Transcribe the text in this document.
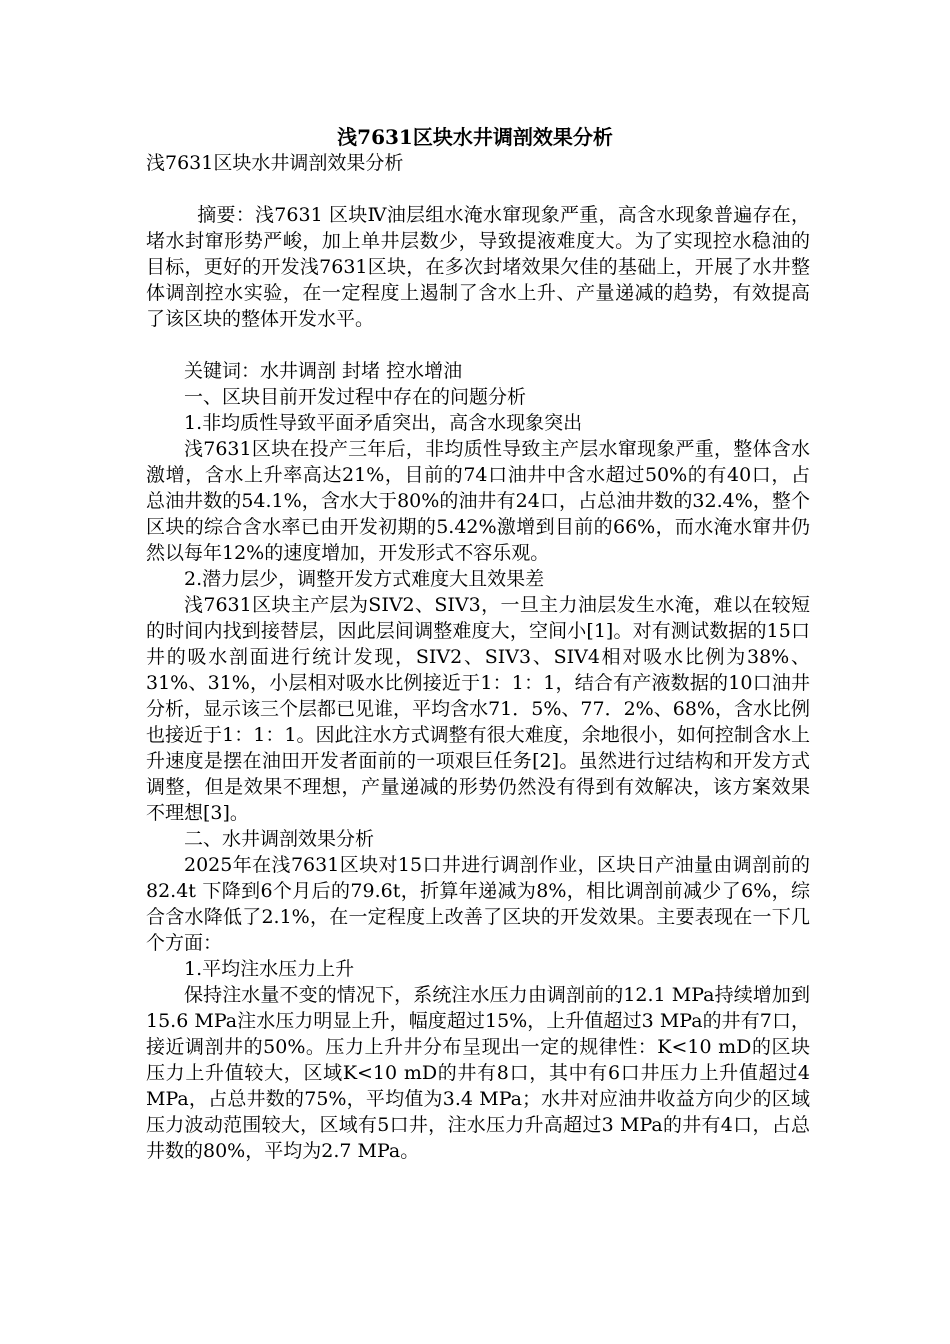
浅7631区块水井调剖效果分析
浅7631区块水井调剖效果分析

摘要：浅7631 区块Ⅳ油层组水淹水窜现象严重，高含水现象普遍存在，堵水封窜形势严峻，加上单井层数少，导致提液难度大。为了实现控水稳油的目标，更好的开发浅7631区块，在多次封堵效果欠佳的基础上，开展了水井整体调剖控水实验，在一定程度上遏制了含水上升、产量递减的趋势，有效提高了该区块的整体开发水平。

关键词：水井调剖 封堵 控水增油

一、区块目前开发过程中存在的问题分析

1.非均质性导致平面矛盾突出，高含水现象突出

浅7631区块在投产三年后，非均质性导致主产层水窜现象严重，整体含水激增，含水上升率高达21%，目前的74口油井中含水超过50%的有40口，占总油井数的54.1%，含水大于80%的油井有24口，占总油井数的32.4%，整个区块的综合含水率已由开发初期的5.42%激增到目前的66%，而水淹水窜井仍然以每年12%的速度增加，开发形式不容乐观。

2.潜力层少，调整开发方式难度大且效果差

浅7631区块主产层为SIV2、SIV3，一旦主力油层发生水淹，难以在较短的时间内找到接替层，因此层间调整难度大，空间小[1]。对有测试数据的15口井的吸水剖面进行统计发现，SIV2、SIV3、SIV4相对吸水比例为38%、31%、31%，小层相对吸水比例接近于1：1：1，结合有产液数据的10口油井分析，显示该三个层都已见谁，平均含水71．5%、77．2%、68%，含水比例也接近于1：1：1。因此注水方式调整有很大难度，余地很小，如何控制含水上升速度是摆在油田开发者面前的一项艰巨任务[2]。虽然进行过结构和开发方式调整，但是效果不理想，产量递减的形势仍然没有得到有效解决，该方案效果不理想[3]。

二、水井调剖效果分析

2025年在浅7631区块对15口井进行调剖作业，区块日产油量由调剖前的82.4t 下降到6个月后的79.6t，折算年递减为8%，相比调剖前减少了6%，综合含水降低了2.1%，在一定程度上改善了区块的开发效果。主要表现在一下几个方面：

1.平均注水压力上升

保持注水量不变的情况下，系统注水压力由调剖前的12.1 MPa持续增加到15.6 MPa注水压力明显上升，幅度超过15%，上升值超过3 MPa的井有7口，接近调剖井的50%。压力上升井分布呈现出一定的规律性：K<10 mD的区块压力上升值较大，区域K<10 mD的井有8口，其中有6口井压力上升值超过4 MPa，占总井数的75%，平均值为3.4 MPa；水井对应油井收益方向少的区域压力波动范围较大，区域有5口井，注水压力升高超过3 MPa的井有4口，占总井数的80%，平均为2.7 MPa。
